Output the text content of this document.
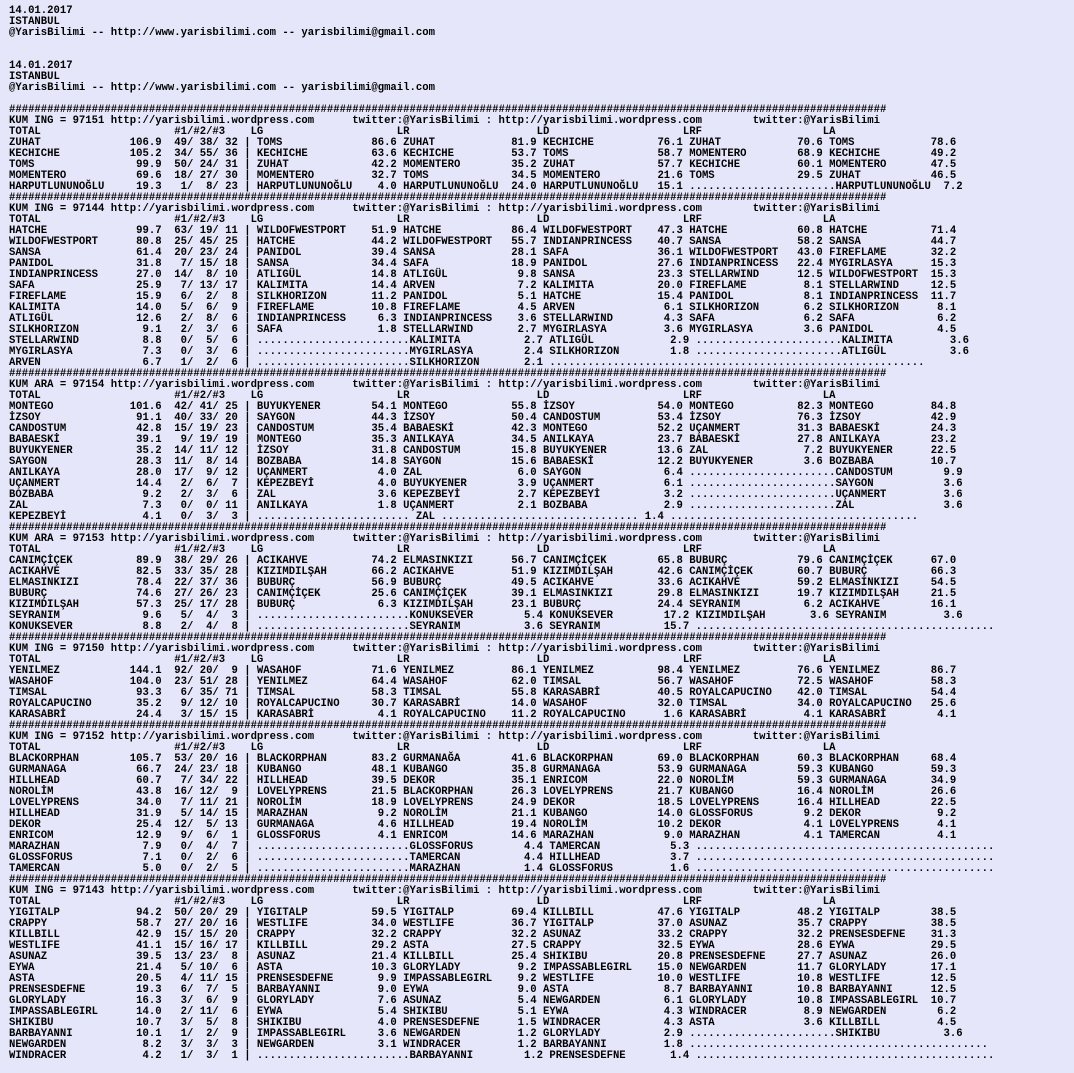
14.01.2017
ISTANBUL
@YarisBilimi -- http://www.yarisbilimi.com -- yarisbilimi@gmail.com

14.01.2017
ISTANBUL
@YarisBilimi -- http://www.yarisbilimi.com -- yarisbilimi@gmail.com

##########################################################################################################################################
KUM ING = 97151 http://yarisbilimi.wordpress.com      twitter:@YarisBilimi : http://yarisbilimi.wordpress.com        twitter:@YarisBilimi
TOTAL                     #1/#2/#3    LG                     LR                    LD                     LRF                   LA
ZUHAT              106.9  49/ 38/ 32 | TOMS              86.6 ZUHAT            81.9 KECHICHE          76.1 ZUHAT            70.6 TOMS            78.6
KECHICHE           105.2  34/ 55/ 36 | KECHICHE          63.6 KECHICHE         53.7 TOMS              58.7 MOMENTERO        68.9 KECHICHE        49.2
TOMS                99.9  50/ 24/ 31 | ZUHAT             42.2 MOMENTERO        35.2 ZUHAT             57.7 KECHICHE         60.1 MOMENTERO       47.5
MOMENTERO           69.6  18/ 27/ 30 | MOMENTERO         32.7 TOMS             34.5 MOMENTERO         21.6 TOMS             29.5 ZUHAT           46.5
HARPUTLUNUNOĞLU     19.3   1/  8/ 23 | HARPUTLUNUNOĞLU    4.0 HARPUTLUNUNOĞLU  24.0 HARPUTLUNUNOĞLU   15.1 .......................HARPUTLUNUNOĞLU  7.2
##########################################################################################################################################
KUM ING = 97144 http://yarisbilimi.wordpress.com      twitter:@YarisBilimi : http://yarisbilimi.wordpress.com        twitter:@YarisBilimi
TOTAL                     #1/#2/#3    LG                     LR                    LD                     LRF                   LA
HATCHE              99.7  63/ 19/ 11 | WILDOFWESTPORT    51.9 HATCHE           86.4 WILDOFWESTPORT    47.3 HATCHE           60.8 HATCHE          71.4
WILDOFWESTPORT      80.8  25/ 45/ 25 | HATCHE            44.2 WILDOFWESTPORT   55.7 INDIANPRINCESS    40.7 SANSA            58.2 SANSA           44.7
SANSA               61.4  20/ 23/ 24 | PANIDOL           39.4 SANSA            28.1 SAFA              36.1 WILDOFWESTPORT   43.0 FIREFLAME       32.2
PANIDOL             31.8   7/ 15/ 18 | SANSA             34.4 SAFA             18.9 PANIDOL           27.6 INDIANPRINCESS   22.4 MYGIRLASYA      15.3
INDIANPRINCESS      27.0  14/  8/ 10 | ATLIGÜL           14.8 ATLIGÜL           9.8 SANSA             23.3 STELLARWIND      12.5 WILDOFWESTPORT  15.3
SAFA                25.9   7/ 13/ 17 | KALIMITA          14.4 ARVEN             7.2 KALIMITA          20.0 FIREFLAME         8.1 STELLARWIND     12.5
FIREFLAME           15.9   6/  2/  8 | SILKHORIZON       11.2 PANIDOL           5.1 HATCHE            15.4 PANIDOL           8.1 INDIANPRINCESS  11.7
KALIMITA            14.0   5/  6/  9 | FIREFLAME         10.8 FIREFLAME         4.5 ARVEN              6.1 SILKHORIZON       6.2 SILKHORIZON      8.1
ATLIGÜL             12.6   2/  8/  6 | INDIANPRINCESS     6.3 INDIANPRINCESS    3.6 STELLARWIND        4.3 SAFA              6.2 SAFA             6.2
SILKHORIZON          9.1   2/  3/  6 | SAFA               1.8 STELLARWIND       2.7 MYGIRLASYA         3.6 MYGIRLASYA        3.6 PANIDOL          4.5
STELLARWIND          8.8   0/  5/  6 | ........................KALIMITA          2.7 ATLIGÜL            2.9 .......................KALIMITA         3.6
MYGIRLASYA           7.3   0/  3/  6 | ........................MYGIRLASYA        2.4 SILKHORIZON        1.8 .......................ATLIGÜL          3.6
ARVEN                6.7   1/  2/  6 | ........................SILKHORIZON       2.1 ...........................................................
##########################################################################################################################################
KUM ARA = 97154 http://yarisbilimi.wordpress.com      twitter:@YarisBilimi : http://yarisbilimi.wordpress.com        twitter:@YarisBilimi
TOTAL                     #1/#2/#3    LG                     LR                    LD                     LRF                   LA
MONTEGO            101.6  42/ 41/ 25 | BUYUKYENER        54.1 MONTEGO          55.8 İZSOY             54.0 MONTEGO          82.3 MONTEGO         84.8
İZSOY               91.1  40/ 33/ 20 | SAYGON            44.3 İZSOY            50.4 CANDOSTUM         53.4 İZSOY            76.3 İZSOY           42.9
CANDOSTUM           42.8  15/ 19/ 23 | CANDOSTUM         35.4 BABAESKİ         42.3 MONTEGO           52.2 UÇANMERT         31.3 BABAESKİ        24.3
BABAESKİ            39.1   9/ 19/ 19 | MONTEGO           35.3 ANILKAYA         34.5 ANILKAYA          23.7 BABAESKİ         27.8 ANILKAYA        23.2
BUYUKYENER          35.2  14/ 11/ 12 | İZSOY             31.8 CANDOSTUM        15.8 BUYUKYENER        13.6 ZAL               7.2 BUYUKYENER      22.5
SAYGON              28.3  11/  8/ 14 | BOZBABA           14.8 SAYGON           15.6 BABAESKİ          12.2 BUYUKYENER        3.6 BOZBABA         10.7
ANILKAYA            28.0  17/  9/ 12 | UÇANMERT           4.0 ZAL               6.0 SAYGON             6.4 .......................CANDOSTUM        9.9
UÇANMERT            14.4   2/  6/  7 | KEPEZBEYİ          4.0 BUYUKYENER        3.9 UÇANMERT           6.1 .......................SAYGON           3.6
BOZBABA              9.2   2/  3/  6 | ZAL                3.6 KEPEZBEYİ         2.7 KEPEZBEYİ          3.2 .......................UÇANMERT         3.6
ZAL                  7.3   0/  0/ 11 | ANILKAYA           1.8 UÇANMERT          2.1 BOZBABA            2.9 .......................ZAL              3.6
KEPEZBEYİ            4.1   0/  3/  3 | ........................ ZAL ............................... 1.4 .......................................
##########################################################################################################################################
KUM ARA = 97153 http://yarisbilimi.wordpress.com      twitter:@YarisBilimi : http://yarisbilimi.wordpress.com        twitter:@YarisBilimi
TOTAL                     #1/#2/#3    LG                     LR                    LD                     LRF                   LA
CANIMÇİÇEK          89.9  38/ 29/ 26 | ACIKAHVE          74.2 ELMASINKIZI      56.7 CANIMÇİÇEK        65.8 BUBURÇ           79.6 CANIMÇİÇEK      67.0
ACIKAHVE            82.5  33/ 35/ 28 | KIZIMDILŞAH       66.2 ACIKAHVE         51.9 KIZIMDILŞAH       42.6 CANIMÇİÇEK       60.7 BUBURÇ          66.3
ELMASINKIZI         78.4  22/ 37/ 36 | BUBURÇ            56.9 BUBURÇ           49.5 ACIKAHVE          33.6 ACIKAHVE         59.2 ELMASINKIZI     54.5
BUBURÇ              74.6  27/ 26/ 23 | CANIMÇİÇEK        25.6 CANIMÇİÇEK       39.1 ELMASINKIZI       29.8 ELMASINKIZI      19.7 KIZIMDILŞAH     21.5
KIZIMDILŞAH         57.3  25/ 17/ 28 | BUBURÇ             6.3 KIZIMDILŞAH      23.1 BUBURÇ            24.4 SEYRANIM          6.2 ACIKAHVE        16.1
SEYRANIM             9.6   5/  4/  3 | ........................KONUKSEVER        5.4 KONUKSEVER        17.2 KIZIMDILŞAH       3.6 SEYRANIM         3.6
KONUKSEVER           8.8   2/  4/  8 | ........................SEYRANIM          3.6 SEYRANIM          15.7 ...............................................
##########################################################################################################################################
KUM ING = 97150 http://yarisbilimi.wordpress.com      twitter:@YarisBilimi : http://yarisbilimi.wordpress.com        twitter:@YarisBilimi
TOTAL                     #1/#2/#3    LG                     LR                    LD                     LRF                   LA
YENILMEZ           144.1  92/ 20/  9 | WASAHOF           71.6 YENILMEZ         86.1 YENILMEZ          98.4 YENILMEZ         76.6 YENILMEZ        86.7
WASAHOF            104.0  23/ 51/ 28 | YENILMEZ          64.4 WASAHOF          62.0 TIMSAL            56.7 WASAHOF          72.5 WASAHOF         58.3
TIMSAL              93.3   6/ 35/ 71 | TIMSAL            58.3 TIMSAL           55.8 KARASABRİ         40.5 ROYALCAPUCINO    42.0 TIMSAL          54.4
ROYALCAPUCINO       35.2   9/ 12/ 10 | ROYALCAPUCINO     30.7 KARASABRİ        14.0 WASAHOF           32.0 TIMSAL           34.0 ROYALCAPUCINO   25.6
KARASABRİ           24.4   3/ 15/ 15 | KARASABRİ          4.1 ROYALCAPUCINO    11.2 ROYALCAPUCINO      1.6 KARASABRİ         4.1 KARASABRİ        4.1
##########################################################################################################################################
KUM ING = 97152 http://yarisbilimi.wordpress.com      twitter:@YarisBilimi : http://yarisbilimi.wordpress.com        twitter:@YarisBilimi
TOTAL                     #1/#2/#3    LG                     LR                    LD                     LRF                   LA
BLACKORPHAN        105.7  53/ 20/ 16 | BLACKORPHAN       83.2 GURMANAĞA        41.6 BLACKORPHAN       69.0 BLACKORPHAN      60.3 BLACKORPHAN     68.4
GURMANAGA           66.7  24/ 23/ 18 | KUBANGO           48.1 KUBANGO          35.8 GURMANAGA         53.9 GURMANAGA        59.3 KUBANGO         59.3
HILLHEAD            60.7   7/ 34/ 22 | HILLHEAD          39.5 DEKOR            35.1 ENRICOM           22.0 NOROLİM          59.3 GURMANAGA       34.9
NOROLİM             43.8  16/ 12/  9 | LOVELYPRENS       21.5 BLACKORPHAN      26.3 LOVELYPRENS       21.7 KUBANGO          16.4 NOROLİM         26.6
LOVELYPRENS         34.0   7/ 11/ 21 | NOROLİM           18.9 LOVELYPRENS      24.9 DEKOR             18.5 LOVELYPRENS      16.4 HILLHEAD        22.5
HILLHEAD            31.9   5/ 14/ 15 | MARAZHAN           9.2 NOROLİM          21.1 KUBANGO           14.0 GLOSSFORUS        9.2 DEKOR            9.2
DEKOR               25.4  12/  5/ 13 | GURMANAGA          4.6 HILLHEAD         19.4 NOROLİM           10.2 DEKOR             4.1 LOVELYPRENS      4.1
ENRICOM             12.9   9/  6/  1 | GLOSSFORUS         4.1 ENRICOM          14.6 MARAZHAN           9.0 MARAZHAN          4.1 TAMERCAN         4.1
MARAZHAN             7.9   0/  4/  7 | ........................GLOSSFORUS        4.4 TAMERCAN           5.3 ...............................................
GLOSSFORUS           7.1   0/  2/  6 | ........................TAMERCAN          4.4 HILLHEAD           3.7 ...............................................
TAMERCAN             5.0   0/  2/  5 | ........................MARAZHAN          1.4 GLOSSFORUS         1.6 ...............................................
##########################################################################################################################################
KUM ING = 97143 http://yarisbilimi.wordpress.com      twitter:@YarisBilimi : http://yarisbilimi.wordpress.com        twitter:@YarisBilimi
TOTAL                     #1/#2/#3    LG                     LR                    LD                     LRF                   LA
YIGITALP            94.2  50/ 20/ 29 | YIGITALP          59.5 YIGITALP         69.4 KILLBILL          47.6 YIGITALP         48.2 YIGITALP        38.5
CRAPPY              58.7  27/ 20/ 16 | WESTLIFE          34.0 WESTLIFE         36.7 YIGITALP          37.0 ASUNAZ           35.7 CRAPPY          38.5
KILLBILL            42.9  15/ 15/ 20 | CRAPPY            32.2 CRAPPY           32.2 ASUNAZ            33.2 CRAPPY           32.2 PRENSESDEFNE    31.3
WESTLIFE            41.1  15/ 16/ 17 | KILLBILL          29.2 ASTA             27.5 CRAPPY            32.5 EYWA             28.6 EYWA            29.5
ASUNAZ              39.5  13/ 23/  8 | ASUNAZ            21.4 KILLBILL         25.4 SHIKIBU           20.8 PRENSESDEFNE     27.7 ASUNAZ          26.0
EYWA                21.4   5/ 10/  6 | ASTA              10.3 GLORYLADY         9.2 IMPASSABLEGIRL    15.0 NEWGARDEN        11.7 GLORYLADY       17.1
ASTA                20.5   4/ 11/ 15 | PRENSESDEFNE       9.9 IMPASSABLEGIRL    9.2 WESTLIFE          10.0 WESTLIFE         10.8 WESTLIFE        12.5
PRENSESDEFNE        19.3   6/  7/  5 | BARBAYANNI         9.0 EYWA              9.0 ASTA               8.7 BARBAYANNI       10.8 BARBAYANNI      12.5
GLORYLADY           16.3   3/  6/  9 | GLORYLADY          7.6 ASUNAZ            5.4 NEWGARDEN          6.1 GLORYLADY        10.8 IMPASSABLEGIRL  10.7
IMPASSABLEGIRL      14.0   2/ 11/  6 | EYWA               5.4 SHIKIBU           5.1 EYWA               4.3 WINDRACER         8.9 NEWGARDEN        6.2
SHIKIBU             10.7   3/  5/  8 | SHIKIBU            4.0 PRENSESDEFNE      1.5 WINDRACER          4.3 ASTA              3.6 KILLBILL         4.5
BARBAYANNI          10.1   1/  2/  9 | IMPASSABLEGIRL     3.6 NEWGARDEN         1.2 GLORYLADY          2.9 .......................SHIKIBU          3.6
NEWGARDEN            8.2   3/  3/  3 | NEWGARDEN          3.1 WINDRACER         1.2 BARBAYANNI         1.8 ...............................................
WINDRACER            4.2   1/  3/  1 | ........................BARBAYANNI        1.2 PRENSESDEFNE       1.4 ...............................................
